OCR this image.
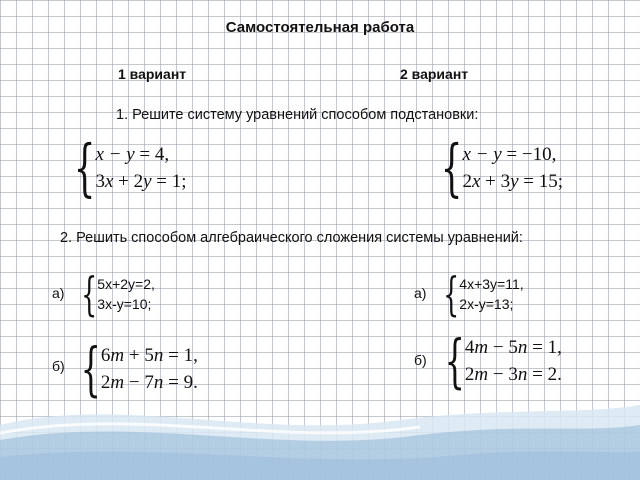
Самостоятельная работа
1 вариант	2 вариант
1. Решите систему уравнений способом подстановки:
{ x − y = 4,
3x + 2y = 1;	{ x − y = −10,
2x + 3y = 15;
2. Решить способом алгебраического сложения системы уравнений:
а) { 5x+2y=2,
3x-y=10;
а) { 4x+3y=11,
2x-y=13;
б) { 6m + 5n = 1,
2m − 7n = 9.
б) { 4m − 5n = 1,
2m − 3n = 2.
